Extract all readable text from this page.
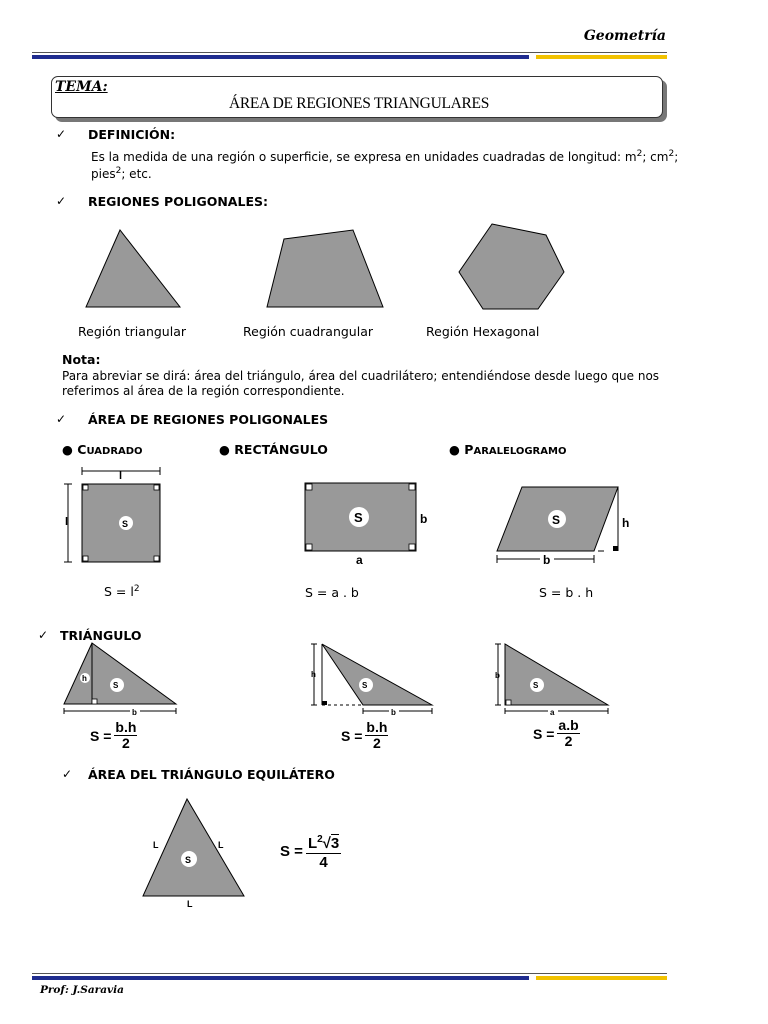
Geometría
TEMA:
ÁREA DE REGIONES TRIANGULARES
✓ DEFINICIÓN:
Es la medida de una región o superficie, se expresa en unidades cuadradas de longitud: $m^2$; $cm^2$;
pies$^2$; etc.
✓ REGIONES POLIGONALES:
Región triangular	Región cuadrangular	Región Hexagonal
Nota:
Para abreviar se dirá: área del triángulo, área del cuadrilátero; entendiéndose desde luego que nos
referimos al área de la región correspondiente.
✓ ÁREA DE REGIONES POLIGONALES
● CUADRADO	● RECTÁNGULO	● PARALELOGRAMO
l
l	S	S	b
a
h
S
b
$S = l^2$	S = a . b	S = b . h
✓ TRIÁNGULO
h
S
b
h
S
b
b
S
a
$S = \frac{b.h}{2}$	$S = \frac{b.h}{2}$	$S = \frac{a.b}{2}$
✓ ÁREA DEL TRIÁNGULO EQUILÁTERO
L	L
L
S	$S = \frac{L^2√3}{4}$
Prof: J.Saravia
